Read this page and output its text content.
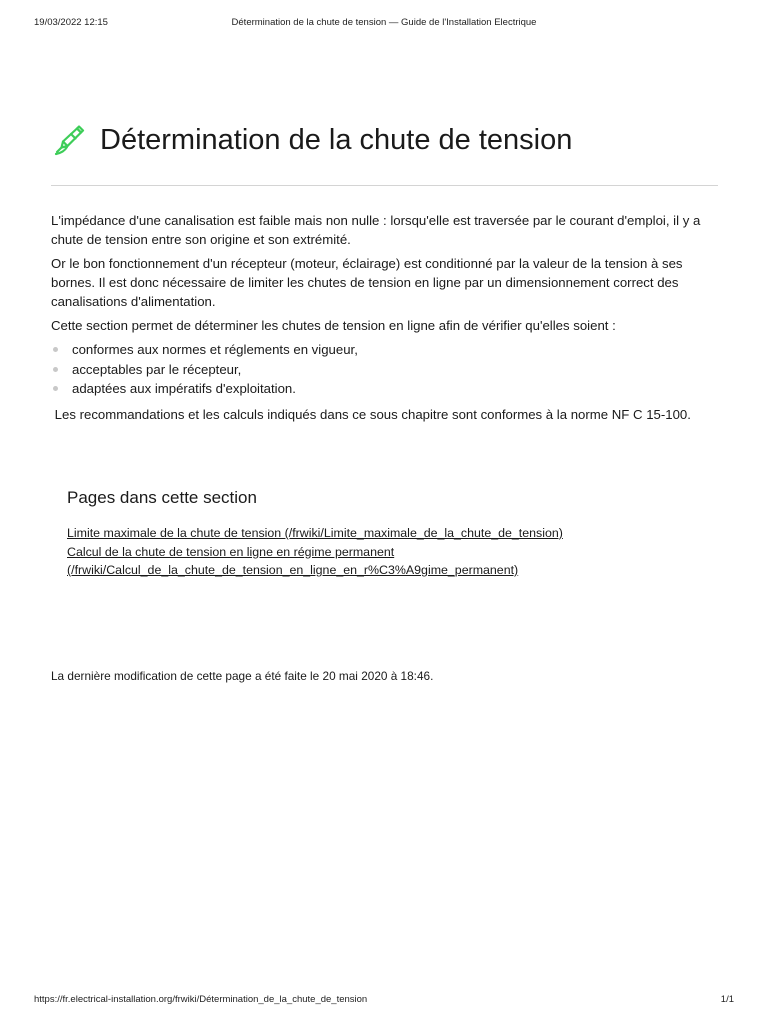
19/03/2022 12:15	Détermination de la chute de tension — Guide de l'Installation Electrique
Détermination de la chute de tension

L'impédance d'une canalisation est faible mais non nulle : lorsqu'elle est traversée par le courant d'emploi, il y a chute de tension entre son origine et son extrémité.

Or le bon fonctionnement d'un récepteur (moteur, éclairage) est conditionné par la valeur de la tension à ses bornes. Il est donc nécessaire de limiter les chutes de tension en ligne par un dimensionnement correct des canalisations d'alimentation.

Cette section permet de déterminer les chutes de tension en ligne afin de vérifier qu'elles soient :

conformes aux normes et réglements en vigueur,
acceptables par le récepteur,
adaptées aux impératifs d'exploitation.

Les recommandations et les calculs indiqués dans ce sous chapitre sont conformes à la norme NF C 15-100.

Pages dans cette section
Limite maximale de la chute de tension (/frwiki/Limite_maximale_de_la_chute_de_tension)
Calcul de la chute de tension en ligne en régime permanent
(/frwiki/Calcul_de_la_chute_de_tension_en_ligne_en_r%C3%A9gime_permanent)
La dernière modification de cette page a été faite le 20 mai 2020 à 18:46.
https://fr.electrical-installation.org/frwiki/Détermination_de_la_chute_de_tension	1/1
